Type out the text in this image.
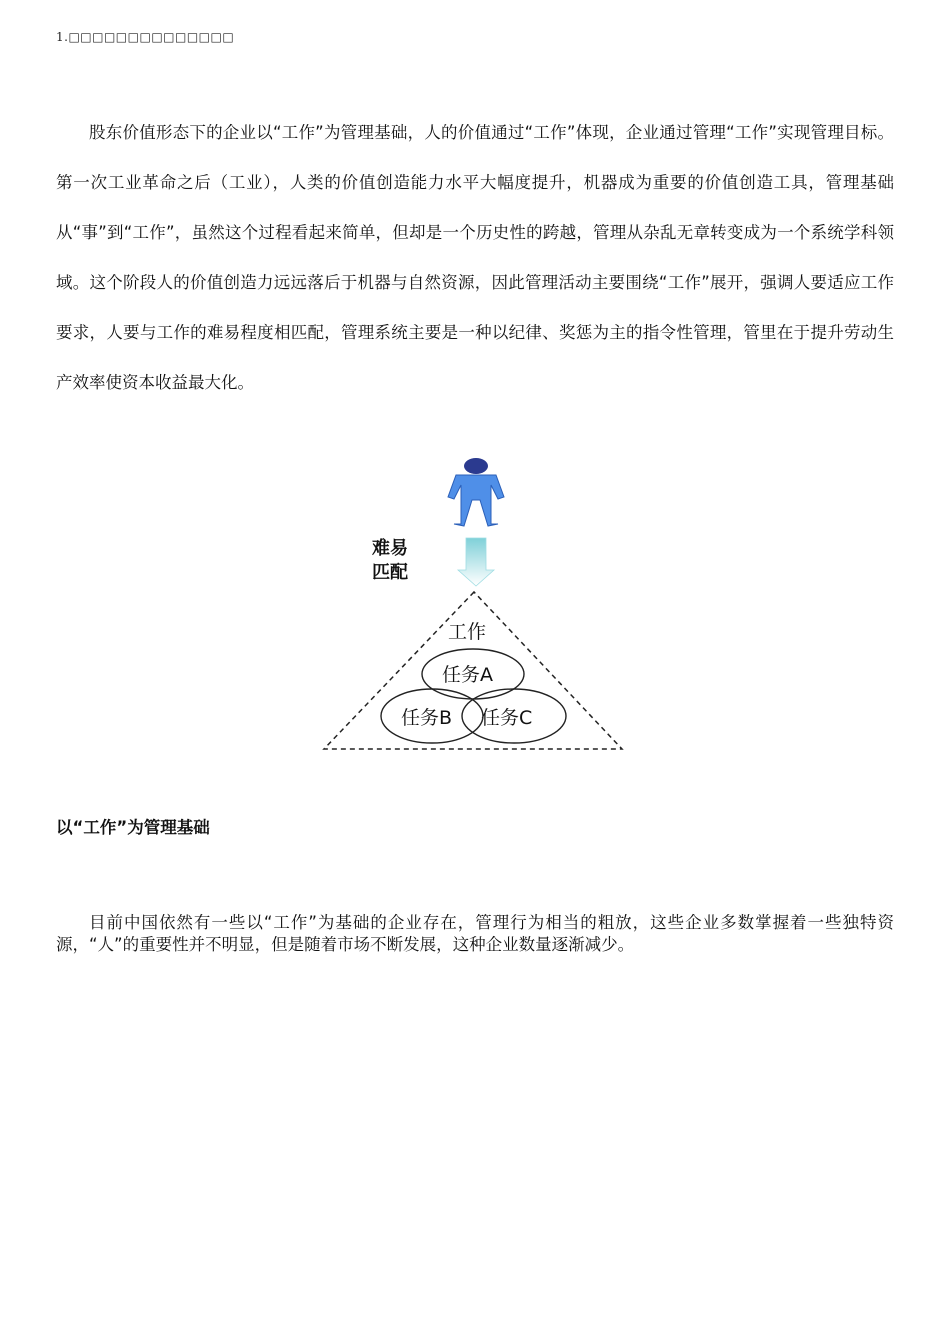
1.□□□□□□□□□□□□□□

股东价值形态下的企业以“工作”为管理基础，人的价值通过“工作”体现，企业通过管理“工作”实现管理目标。第一次工业革命之后（工业），人类的价值创造能力水平大幅度提升，机器成为重要的价值创造工具，管理基础从“事”到“工作”，虽然这个过程看起来简单，但却是一个历史性的跨越，管理从杂乱无章转变成为一个系统学科领域。这个阶段人的价值创造力远远落后于机器与自然资源，因此管理活动主要围绕“工作”展开，强调人要适应工作要求，人要与工作的难易程度相匹配，管理系统主要是一种以纪律、奖惩为主的指令性管理，管里在于提升劳动生产效率使资本收益最大化。

难易
匹配
工作
任务A
任务B 任务C
以“工作”为管理基础

目前中国依然有一些以“工作”为基础的企业存在，管理行为相当的粗放，这些企业多数掌握着一些独特资源，“人”的重要性并不明显，但是随着市场不断发展，这种企业数量逐渐减少。
